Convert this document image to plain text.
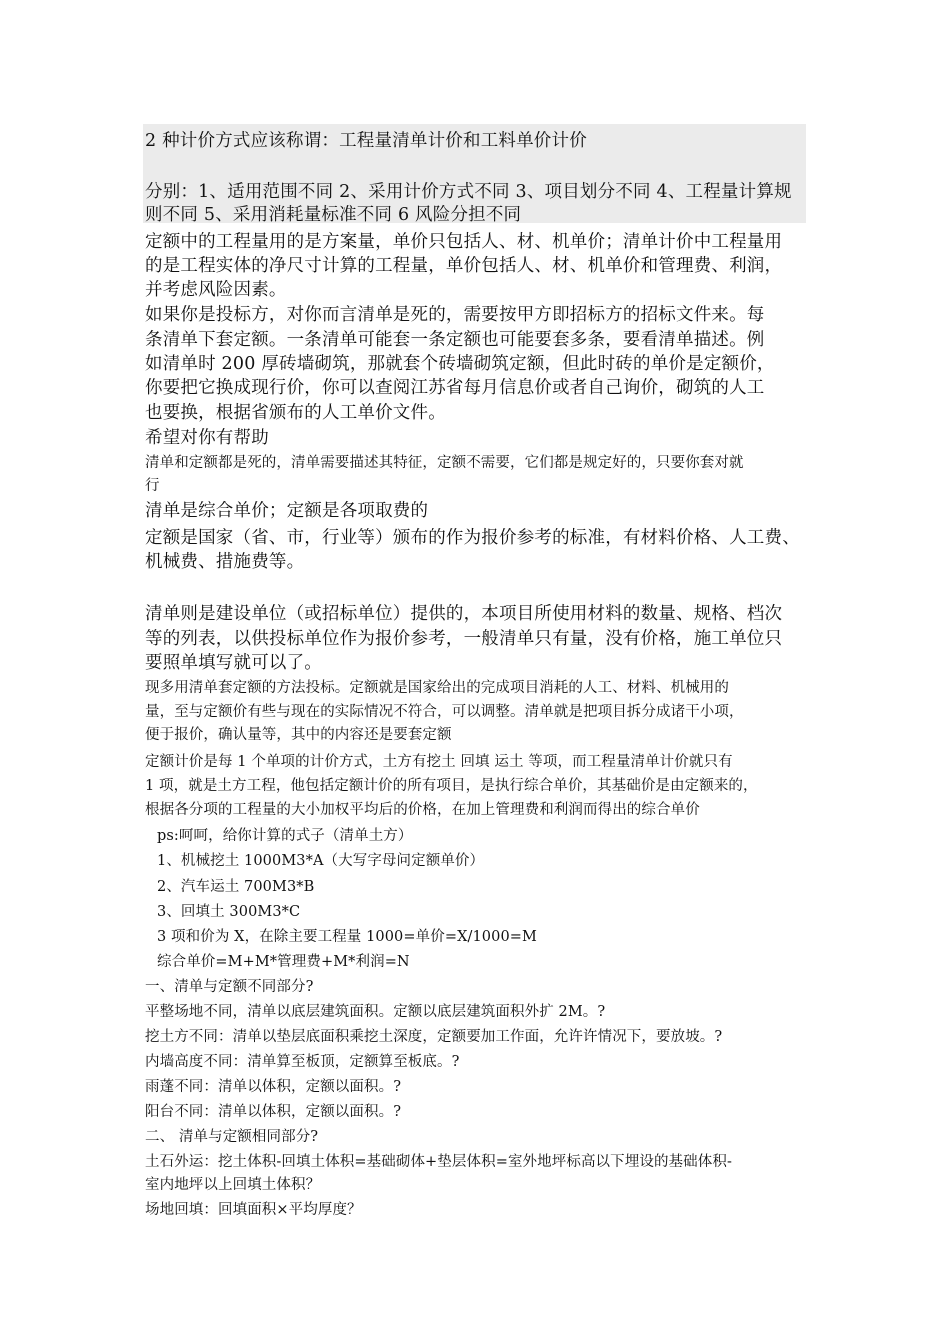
2 种计价方式应该称谓：工程量清单计价和工料单价计价
分别：1、适用范围不同 2、采用计价方式不同 3、项目划分不同 4、工程量计算规
则不同 5、采用消耗量标准不同 6 风险分担不同
定额中的工程量用的是方案量，单价只包括人、材、机单价；清单计价中工程量用
的是工程实体的净尺寸计算的工程量，单价包括人、材、机单价和管理费、利润，
并考虑风险因素。
如果你是投标方，对你而言清单是死的，需要按甲方即招标方的招标文件来。每
条清单下套定额。一条清单可能套一条定额也可能要套多条，要看清单描述。例
如清单时 200 厚砖墙砌筑，那就套个砖墙砌筑定额，但此时砖的单价是定额价，
你要把它换成现行价，你可以查阅江苏省每月信息价或者自己询价，砌筑的人工
也要换，根据省颁布的人工单价文件。
希望对你有帮助
清单和定额都是死的，清单需要描述其特征，定额不需要，它们都是规定好的，只要你套对就
行
清单是综合单价；定额是各项取费的
定额是国家（省、市，行业等）颁布的作为报价参考的标准，有材料价格、人工费、
机械费、措施费等。
清单则是建设单位（或招标单位）提供的，本项目所使用材料的数量、规格、档次
等的列表，以供投标单位作为报价参考，一般清单只有量，没有价格，施工单位只
要照单填写就可以了。
现多用清单套定额的方法投标。定额就是国家给出的完成项目消耗的人工、材料、机械用的
量，至与定额价有些与现在的实际情况不符合，可以调整。清单就是把项目拆分成诸干小项，
便于报价，确认量等，其中的内容还是要套定额
定额计价是每 1 个单项的计价方式，土方有挖土 回填 运土 等项，而工程量清单计价就只有
1 项，就是土方工程，他包括定额计价的所有项目，是执行综合单价，其基础价是由定额来的，
根据各分项的工程量的大小加权平均后的价格，在加上管理费和利润而得出的综合单价
ps:呵呵，给你计算的式子（清单土方）
1、机械挖土 1000M3*A（大写字母问定额单价）
2、汽车运土 700M3*B
3、回填土 300M3*C
3 项和价为 X，在除主要工程量 1000=单价=X/1000=M
综合单价=M+M*管理费+M*利润=N
一、清单与定额不同部分?
平整场地不同，清单以底层建筑面积。定额以底层建筑面积外扩 2M。?
挖土方不同：清单以垫层底面积乘挖土深度，定额要加工作面，允许许情况下，要放坡。?
内墙高度不同：清单算至板顶，定额算至板底。?
雨蓬不同：清单以体积，定额以面积。?
阳台不同：清单以体积，定额以面积。?
二、 清单与定额相同部分?
土石外运：挖土体积-回填土体积=基础砌体+垫层体积=室外地坪标高以下埋设的基础体积-
室内地坪以上回填土体积？
场地回填：回填面积×平均厚度？
